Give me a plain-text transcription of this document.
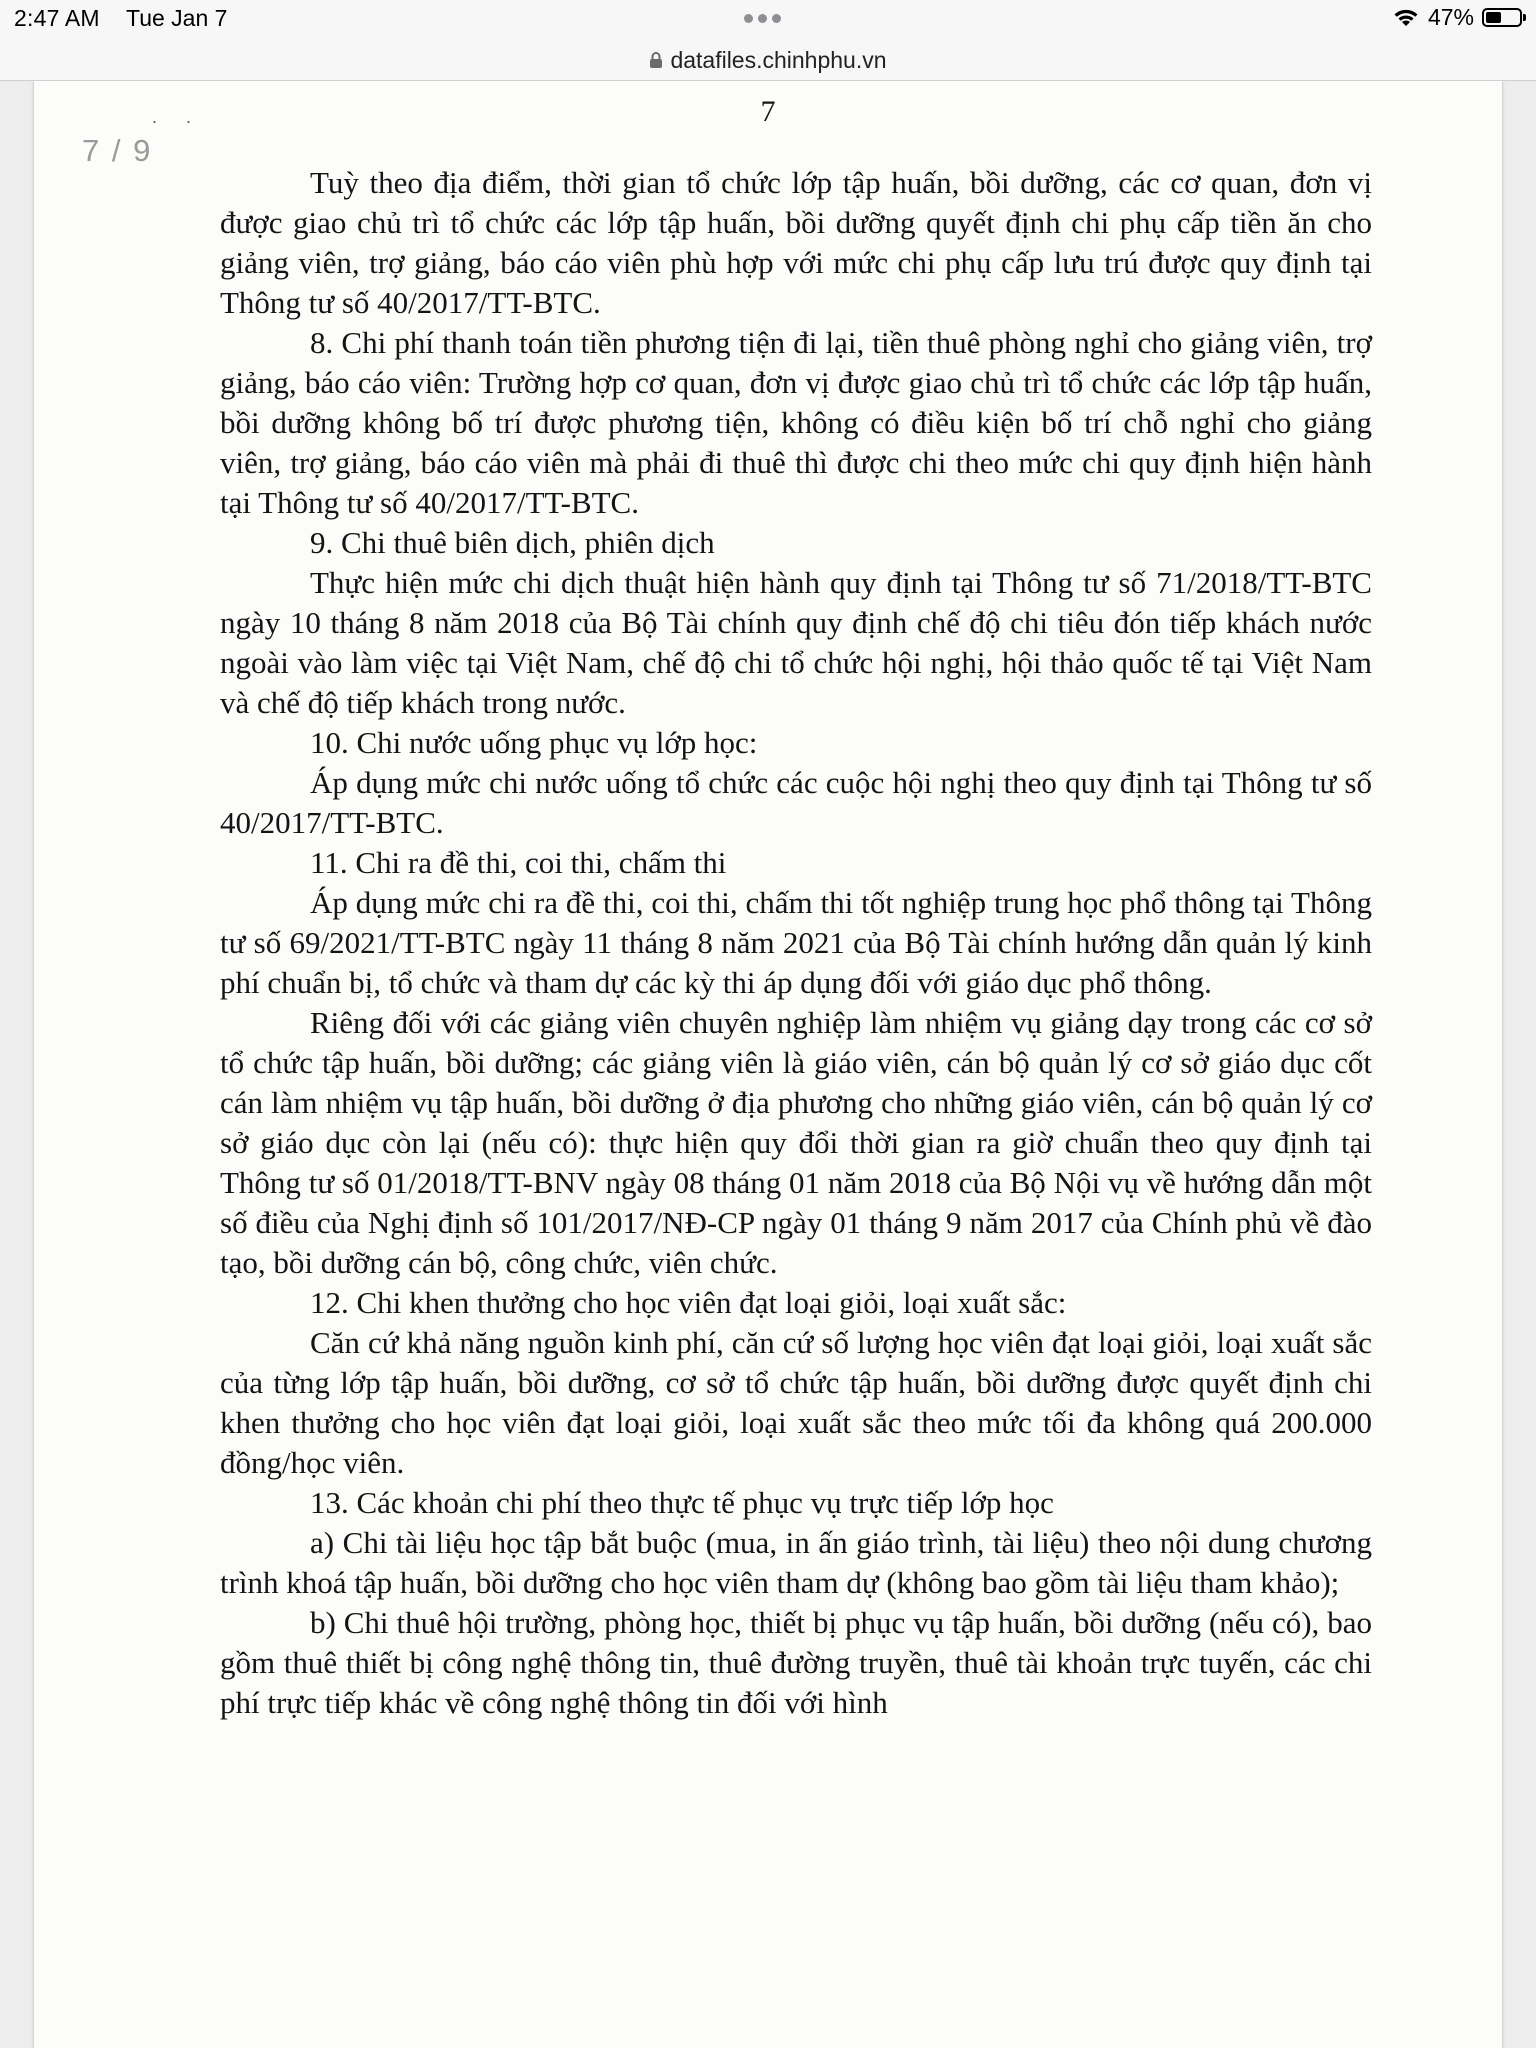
2:47 AM Tue Jan 7	47%
datafiles.chinhphu.vn
7 / 9
. .	7

Tuỳ theo địa điểm, thời gian tổ chức lớp tập huấn, bồi dưỡng, các cơ quan, đơn vị được giao chủ trì tổ chức các lớp tập huấn, bồi dưỡng quyết định chi phụ cấp tiền ăn cho giảng viên, trợ giảng, báo cáo viên phù hợp với mức chi phụ cấp lưu trú được quy định tại Thông tư số 40/2017/TT-BTC.

8. Chi phí thanh toán tiền phương tiện đi lại, tiền thuê phòng nghỉ cho giảng viên, trợ giảng, báo cáo viên: Trường hợp cơ quan, đơn vị được giao chủ trì tổ chức các lớp tập huấn, bồi dưỡng không bố trí được phương tiện, không có điều kiện bố trí chỗ nghỉ cho giảng viên, trợ giảng, báo cáo viên mà phải đi thuê thì được chi theo mức chi quy định hiện hành tại Thông tư số 40/2017/TT-BTC.

9. Chi thuê biên dịch, phiên dịch

Thực hiện mức chi dịch thuật hiện hành quy định tại Thông tư số 71/2018/TT-BTC ngày 10 tháng 8 năm 2018 của Bộ Tài chính quy định chế độ chi tiêu đón tiếp khách nước ngoài vào làm việc tại Việt Nam, chế độ chi tổ chức hội nghị, hội thảo quốc tế tại Việt Nam và chế độ tiếp khách trong nước.

10. Chi nước uống phục vụ lớp học:

Áp dụng mức chi nước uống tổ chức các cuộc hội nghị theo quy định tại Thông tư số 40/2017/TT-BTC.

11. Chi ra đề thi, coi thi, chấm thi

Áp dụng mức chi ra đề thi, coi thi, chấm thi tốt nghiệp trung học phổ thông tại Thông tư số 69/2021/TT-BTC ngày 11 tháng 8 năm 2021 của Bộ Tài chính hướng dẫn quản lý kinh phí chuẩn bị, tổ chức và tham dự các kỳ thi áp dụng đối với giáo dục phổ thông.

Riêng đối với các giảng viên chuyên nghiệp làm nhiệm vụ giảng dạy trong các cơ sở tổ chức tập huấn, bồi dưỡng; các giảng viên là giáo viên, cán bộ quản lý cơ sở giáo dục cốt cán làm nhiệm vụ tập huấn, bồi dưỡng ở địa phương cho những giáo viên, cán bộ quản lý cơ sở giáo dục còn lại (nếu có): thực hiện quy đổi thời gian ra giờ chuẩn theo quy định tại Thông tư số 01/2018/TT-BNV ngày 08 tháng 01 năm 2018 của Bộ Nội vụ về hướng dẫn một số điều của Nghị định số 101/2017/NĐ-CP ngày 01 tháng 9 năm 2017 của Chính phủ về đào tạo, bồi dưỡng cán bộ, công chức, viên chức.

12. Chi khen thưởng cho học viên đạt loại giỏi, loại xuất sắc:

Căn cứ khả năng nguồn kinh phí, căn cứ số lượng học viên đạt loại giỏi, loại xuất sắc của từng lớp tập huấn, bồi dưỡng, cơ sở tổ chức tập huấn, bồi dưỡng được quyết định chi khen thưởng cho học viên đạt loại giỏi, loại xuất sắc theo mức tối đa không quá 200.000 đồng/học viên.

13. Các khoản chi phí theo thực tế phục vụ trực tiếp lớp học

a) Chi tài liệu học tập bắt buộc (mua, in ấn giáo trình, tài liệu) theo nội dung chương trình khoá tập huấn, bồi dưỡng cho học viên tham dự (không bao gồm tài liệu tham khảo);

b) Chi thuê hội trường, phòng học, thiết bị phục vụ tập huấn, bồi dưỡng (nếu có), bao gồm thuê thiết bị công nghệ thông tin, thuê đường truyền, thuê tài khoản trực tuyến, các chi phí trực tiếp khác về công nghệ thông tin đối với hình
